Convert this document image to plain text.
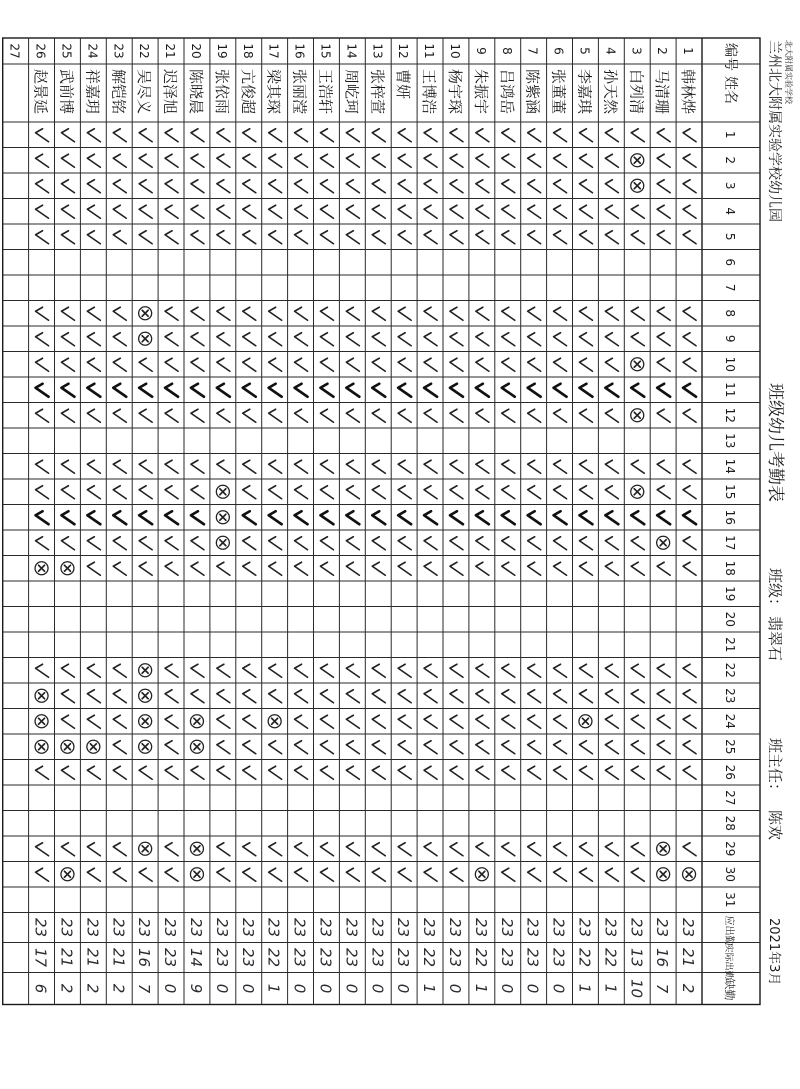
编号
姓名
应出勤
实际出勤
缺勤
1
2
3
4
5
6
7
8
9
10
11
12
13
14
15
16
17
18
19
20
21
22
23
24
25
26
27
28
29
30
31
1
韩林烨
23
21
2
2
马清珊
23
16
7
3
白列清
23
13
10
4
孙天然
23
22
1
5
李嘉琪
23
22
1
6
张董董
23
23
0
7
陈紫涵
23
23
0
8
吕鸿岳
23
23
0
9
朱振宇
23
22
1
10
杨宇琛
23
23
0
11
王博浩
23
22
1
12
曹妍
23
23
0
13
张梓萱
23
23
0
14
周屹珂
23
23
0
15
王浩轩
23
23
0
16
张丽滢
23
23
0
17
梁其琛
23
22
1
18
亢俊超
23
23
0
19
张依雨
23
23
0
20
陈晓晨
23
14
9
21
迟泽旭
23
23
0
22
吴尽义
23
16
7
23
解铠铭
23
21
2
24
祥嘉玥
23
21
2
25
武前博
23
21
2
26
赵景延
23
17
6
27	北大附属实验学校
兰州北大附属实验学校幼儿园
班级幼儿考勤表
班级：
翡翠石
班主任：
陈欢
2021年3月
